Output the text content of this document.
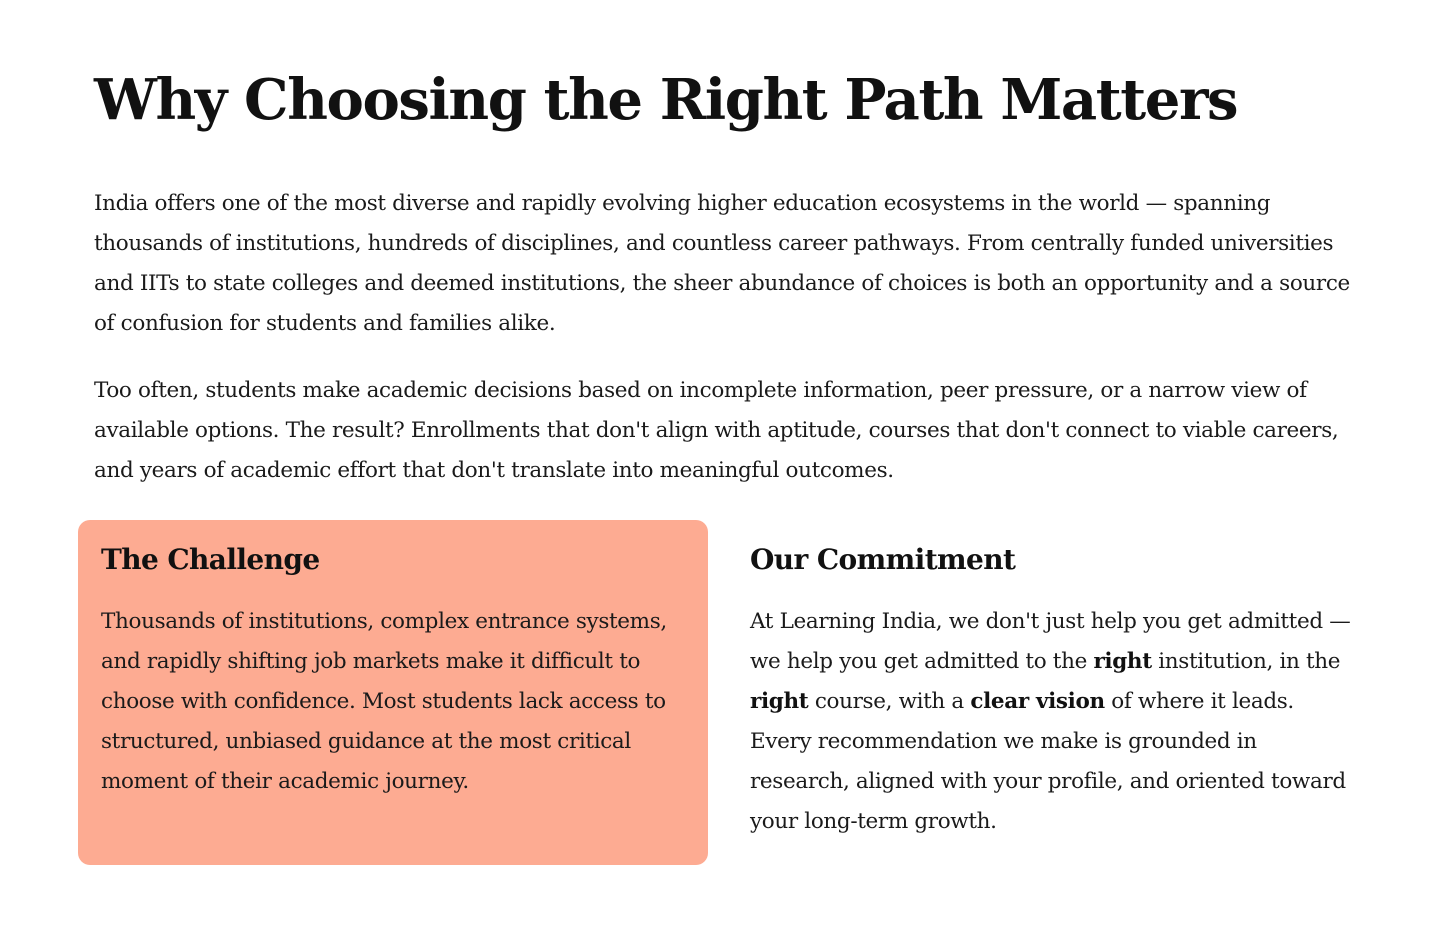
Why Choosing the Right Path Matters

India offers one of the most diverse and rapidly evolving higher education ecosystems in the world — spanning thousands of institutions, hundreds of disciplines, and countless career pathways. From centrally funded universities and IITs to state colleges and deemed institutions, the sheer abundance of choices is both an opportunity and a source of confusion for students and families alike.

Too often, students make academic decisions based on incomplete information, peer pressure, or a narrow view of available options. The result? Enrollments that don't align with aptitude, courses that don't connect to viable careers, and years of academic effort that don't translate into meaningful outcomes.

The Challenge

Thousands of institutions, complex entrance systems, and rapidly shifting job markets make it difficult to choose with confidence. Most students lack access to structured, unbiased guidance at the most critical moment of their academic journey.

Our Commitment

At Learning India, we don't just help you get admitted — we help you get admitted to the right institution, in the right course, with a clear vision of where it leads. Every recommendation we make is grounded in research, aligned with your profile, and oriented toward your long-term growth.
